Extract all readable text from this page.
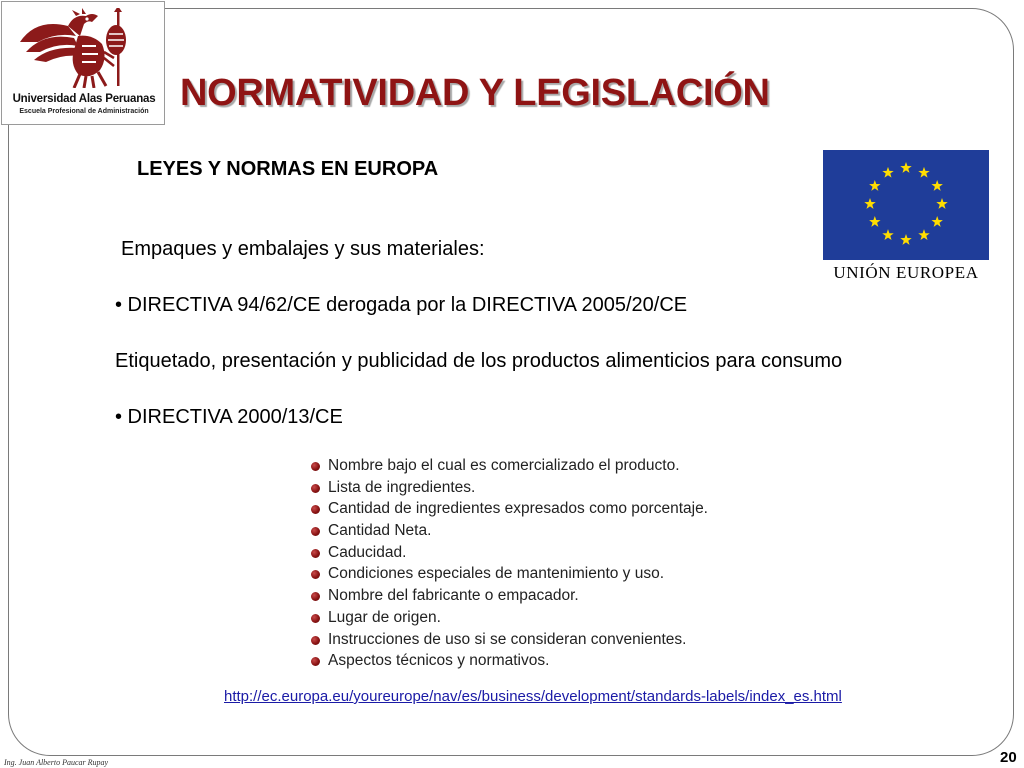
Universidad Alas Peruanas
Escuela Profesional de Administración NORMATIVIDAD Y LEGISLACIÓN
LEYES Y NORMAS EN EUROPA
UNIÓN EUROPEA
Empaques y embalajes y sus materiales:
• DIRECTIVA 94/62/CE derogada por la DIRECTIVA 2005/20/CE
Etiquetado, presentación y publicidad de los productos alimenticios para consumo
• DIRECTIVA 2000/13/CE
Nombre bajo el cual es comercializado el producto.
Lista de ingredientes.
Cantidad de ingredientes expresados como porcentaje.
Cantidad Neta.
Caducidad.
Condiciones especiales de mantenimiento y uso.
Nombre del fabricante o empacador.
Lugar de origen.
Instrucciones de uso si se consideran convenientes.
Aspectos técnicos y normativos.
http://ec.europa.eu/youreurope/nav/es/business/development/standards-labels/index_es.html
Ing. Juan Alberto Paucar Rupay	20
